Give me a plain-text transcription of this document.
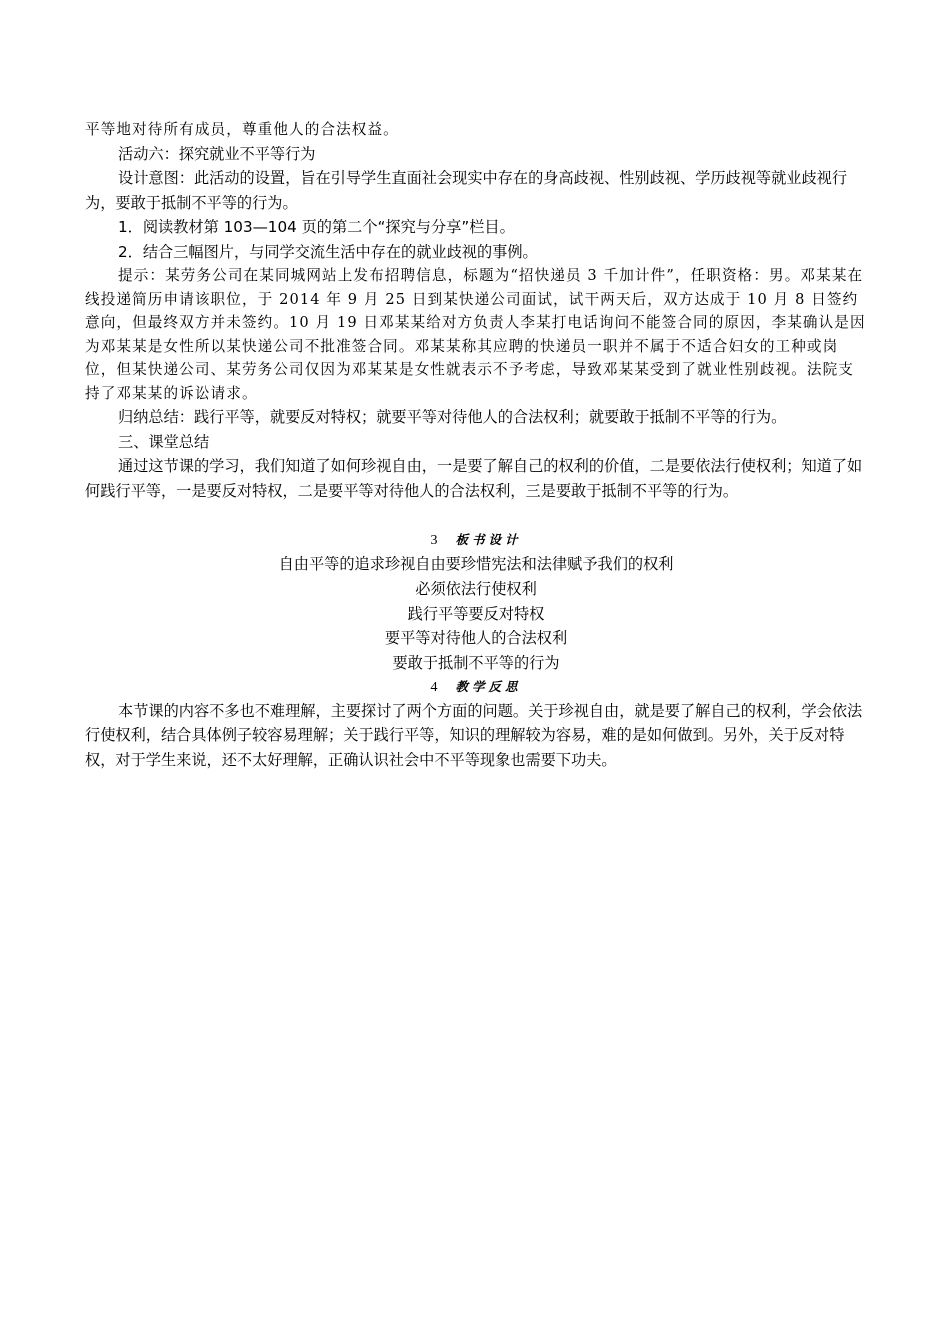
平等地对待所有成员，尊重他人的合法权益。

活动六：探究就业不平等行为

设计意图：此活动的设置，旨在引导学生直面社会现实中存在的身高歧视、性别歧视、学历歧视等就业歧视行为，要敢于抵制不平等的行为。

1．阅读教材第 103—104 页的第二个“探究与分享”栏目。

2．结合三幅图片，与同学交流生活中存在的就业歧视的事例。

提示：某劳务公司在某同城网站上发布招聘信息，标题为“招快递员 3 千加计件”，任职资格：男。邓某某在线投递简历申请该职位，于 2014 年 9 月 25 日到某快递公司面试，试干两天后，双方达成于 10 月 8 日签约意向，但最终双方并未签约。10 月 19 日邓某某给对方负责人李某打电话询问不能签合同的原因，李某确认是因为邓某某是女性所以某快递公司不批准签合同。邓某某称其应聘的快递员一职并不属于不适合妇女的工种或岗位，但某快递公司、某劳务公司仅因为邓某某是女性就表示不予考虑，导致邓某某受到了就业性别歧视。法院支持了邓某某的诉讼请求。

归纳总结：践行平等，就要反对特权；就要平等对待他人的合法权利；就要敢于抵制不平等的行为。

三、课堂总结

通过这节课的学习，我们知道了如何珍视自由，一是要了解自己的权利的价值，二是要依法行使权利；知道了如何践行平等，一是要反对特权，二是要平等对待他人的合法权利，三是要敢于抵制不平等的行为。

3 板书设计

自由平等的追求珍视自由要珍惜宪法和法律赋予我们的权利

必须依法行使权利

践行平等要反对特权

要平等对待他人的合法权利

要敢于抵制不平等的行为

4 教学反思

本节课的内容不多也不难理解，主要探讨了两个方面的问题。关于珍视自由，就是要了解自己的权利，学会依法行使权利，结合具体例子较容易理解；关于践行平等，知识的理解较为容易，难的是如何做到。另外，关于反对特权，对于学生来说，还不太好理解，正确认识社会中不平等现象也需要下功夫。
